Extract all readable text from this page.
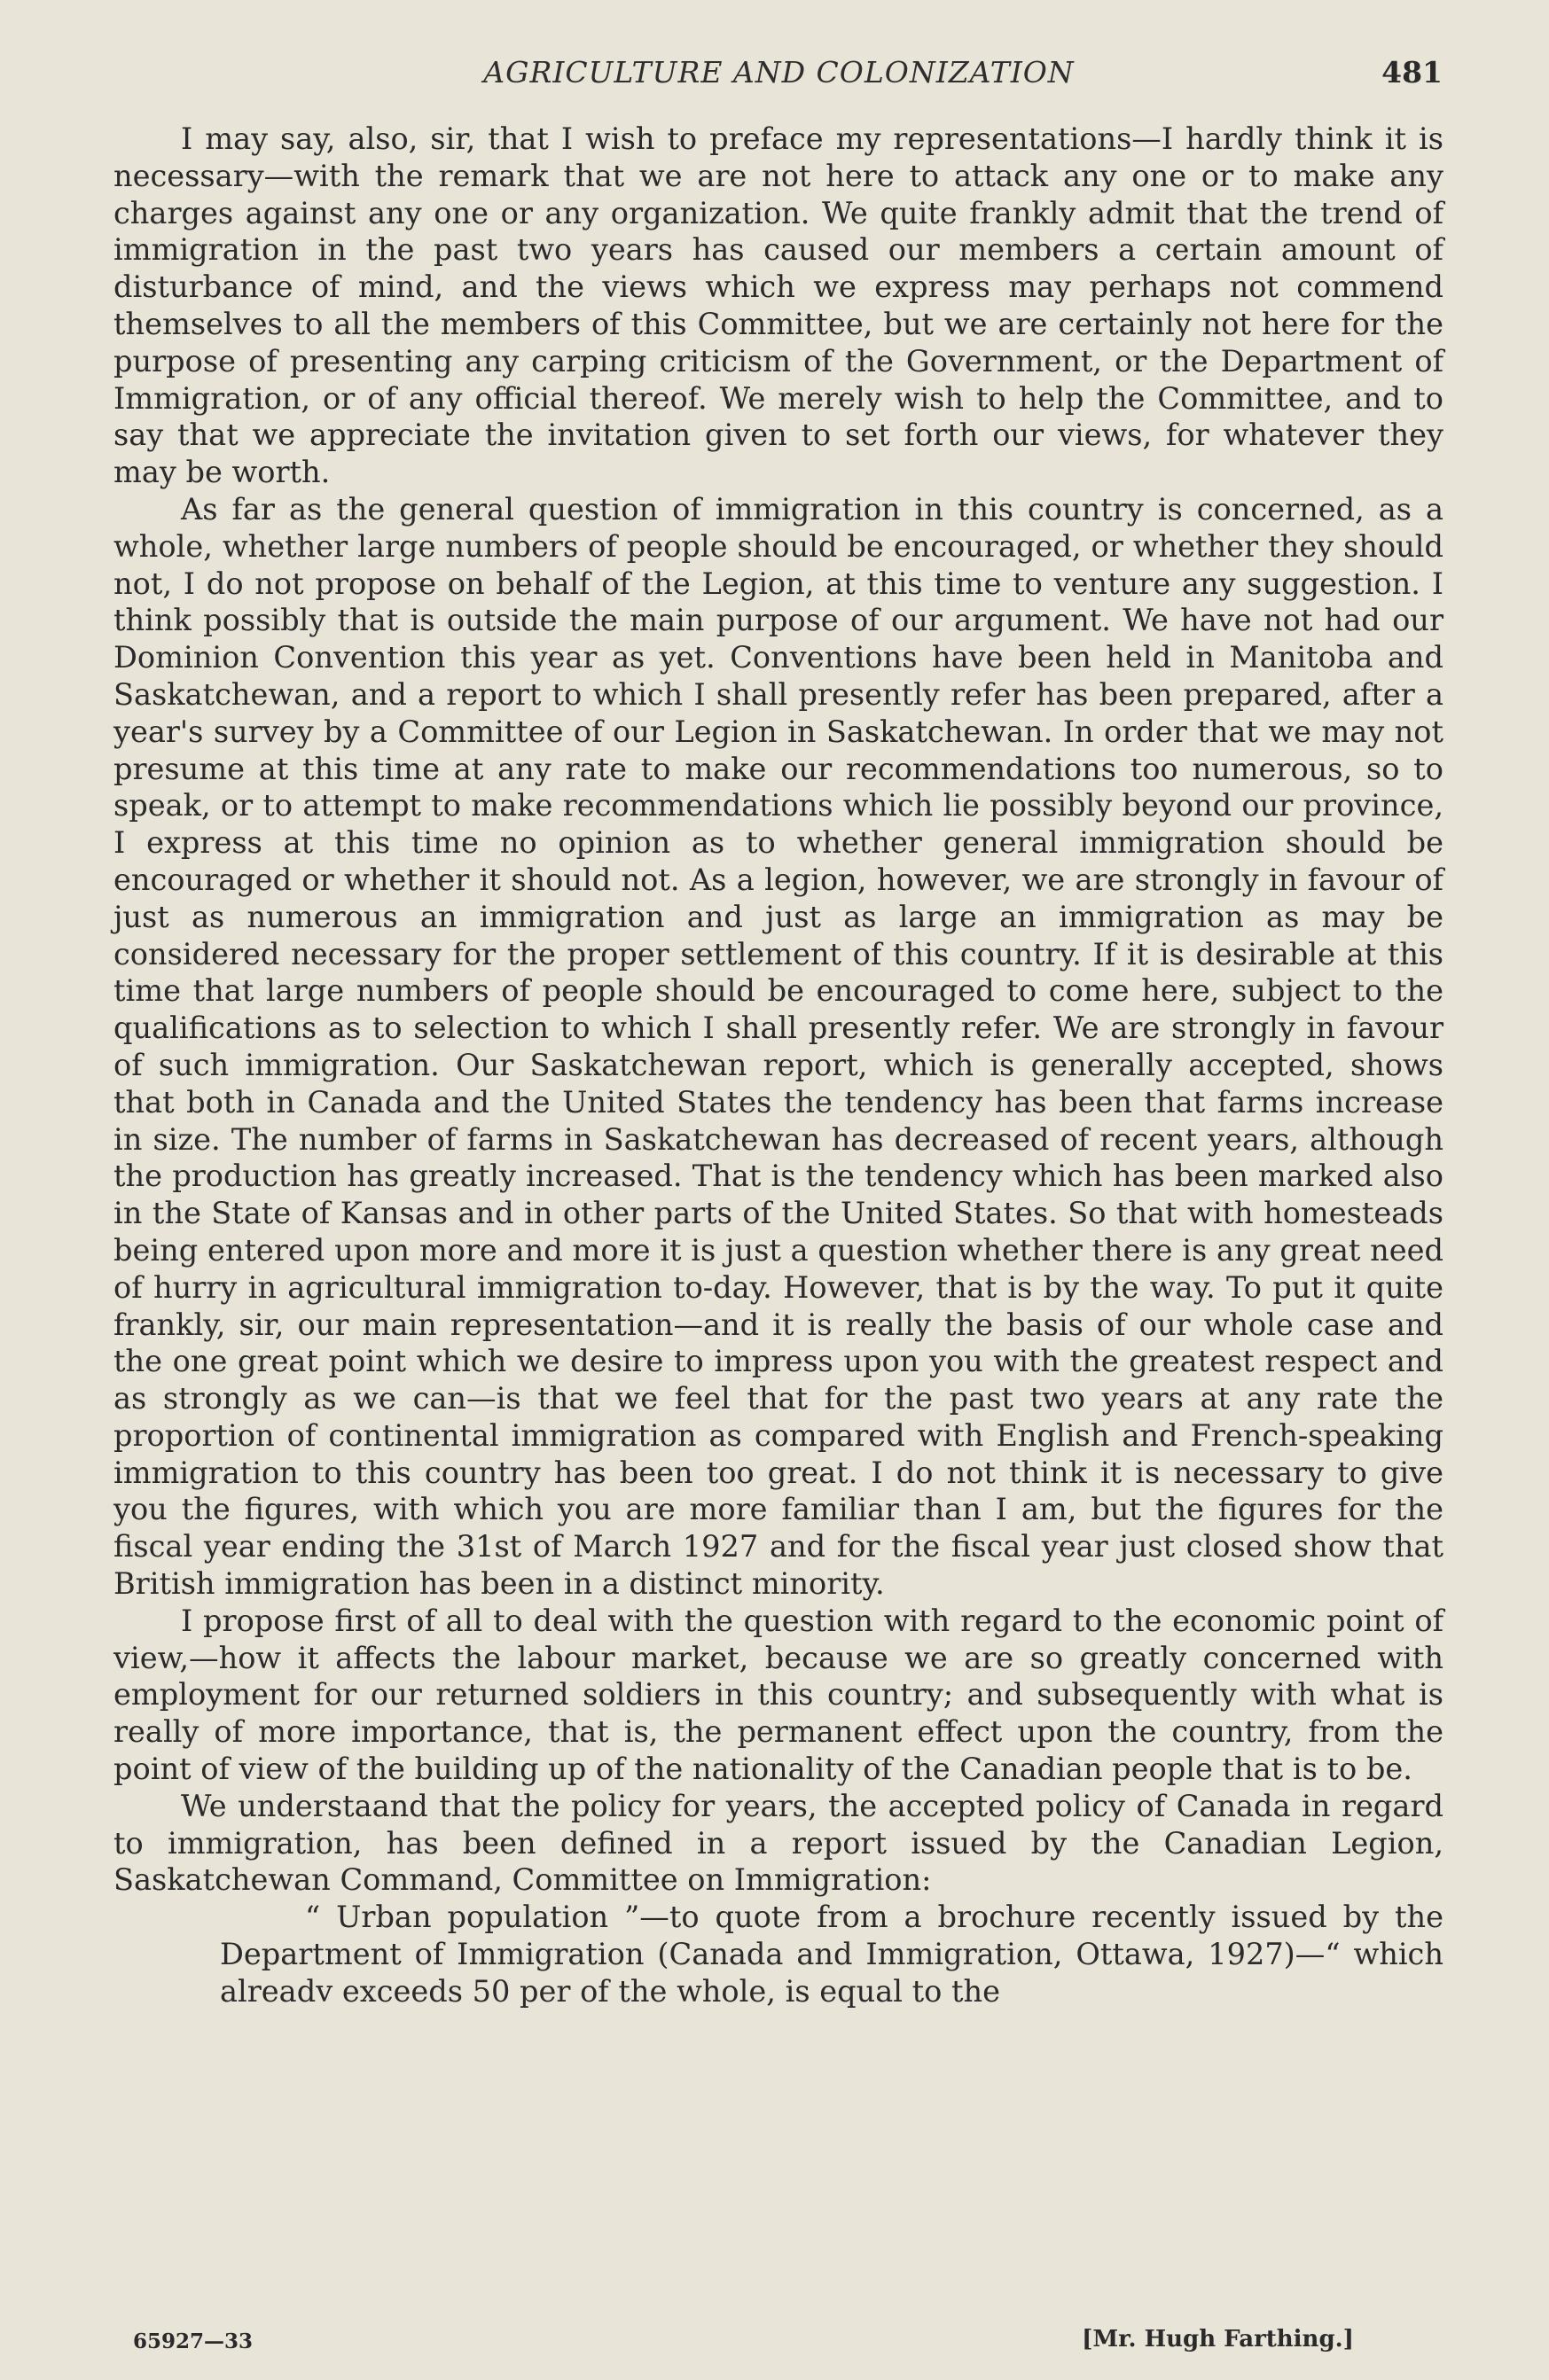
AGRICULTURE AND COLONIZATION	481

I may say, also, sir, that I wish to preface my representations—I hardly think it is necessary—with the remark that we are not here to attack any one or to make any charges against any one or any organization. We quite frankly admit that the trend of immigration in the past two years has caused our members a certain amount of disturbance of mind, and the views which we express may perhaps not commend themselves to all the members of this Committee, but we are certainly not here for the purpose of presenting any carping criticism of the Government, or the Department of Immigration, or of any official thereof. We merely wish to help the Committee, and to say that we appreciate the invitation given to set forth our views, for whatever they may be worth.

As far as the general question of immigration in this country is concerned, as a whole, whether large numbers of people should be encouraged, or whether they should not, I do not propose on behalf of the Legion, at this time to venture any suggestion. I think possibly that is outside the main purpose of our argument. We have not had our Dominion Convention this year as yet. Conventions have been held in Manitoba and Saskatchewan, and a report to which I shall presently refer has been prepared, after a year's survey by a Committee of our Legion in Saskatchewan. In order that we may not presume at this time at any rate to make our recommendations too numerous, so to speak, or to attempt to make recommendations which lie possibly beyond our province, I express at this time no opinion as to whether general immigration should be encouraged or whether it should not. As a legion, however, we are strongly in favour of just as numerous an immigration and just as large an immigration as may be considered necessary for the proper settlement of this country. If it is desirable at this time that large numbers of people should be encouraged to come here, subject to the qualifications as to selection to which I shall presently refer. We are strongly in favour of such immigration. Our Saskatchewan report, which is generally accepted, shows that both in Canada and the United States the tendency has been that farms increase in size. The number of farms in Saskatchewan has decreased of recent years, although the production has greatly increased. That is the tendency which has been marked also in the State of Kansas and in other parts of the United States. So that with homesteads being entered upon more and more it is just a question whether there is any great need of hurry in agricultural immigration to-day. However, that is by the way. To put it quite frankly, sir, our main representation—and it is really the basis of our whole case and the one great point which we desire to impress upon you with the greatest respect and as strongly as we can—is that we feel that for the past two years at any rate the proportion of continental immigration as compared with English and French-speaking immigration to this country has been too great. I do not think it is necessary to give you the figures, with which you are more familiar than I am, but the figures for the fiscal year ending the 31st of March 1927 and for the fiscal year just closed show that British immigration has been in a distinct minority.

I propose first of all to deal with the question with regard to the economic point of view,—how it affects the labour market, because we are so greatly concerned with employment for our returned soldiers in this country; and subsequently with what is really of more importance, that is, the permanent effect upon the country, from the point of view of the building up of the nationality of the Canadian people that is to be.

We understaand that the policy for years, the accepted policy of Canada in regard to immigration, has been defined in a report issued by the Canadian Legion, Saskatchewan Command, Committee on Immigration:

“ Urban population ”—to quote from a brochure recently issued by the Department of Immigration (Canada and Immigration, Ottawa, 1927)—“ which alreadv exceeds 50 per of the whole, is equal to the

65927—33	[Mr. Hugh Farthing.]
